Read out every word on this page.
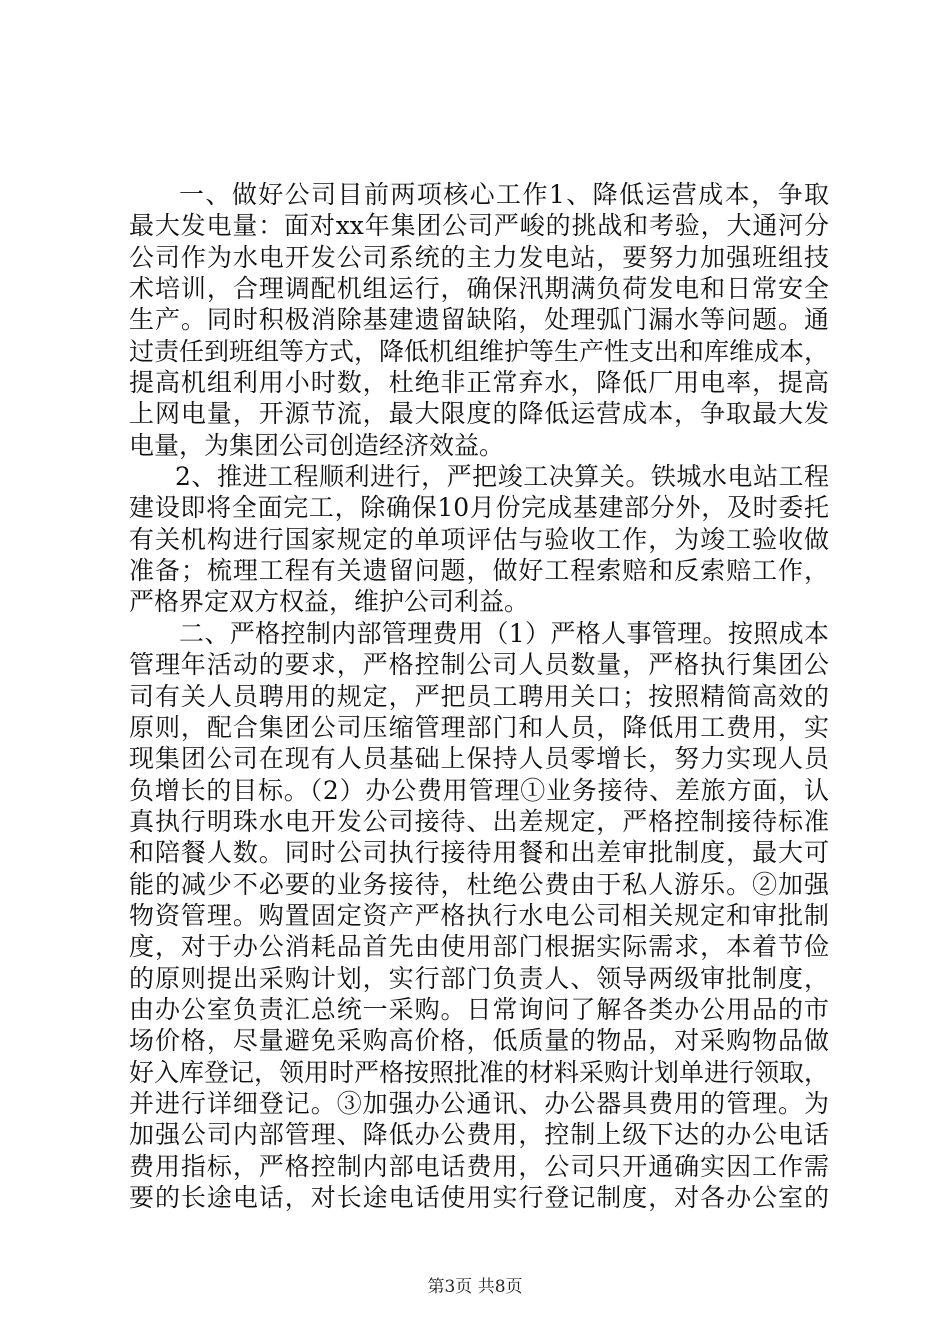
一、做好公司目前两项核心工作1、降低运营成本，争取
最大发电量：面对xx年集团公司严峻的挑战和考验，大通河分
公司作为水电开发公司系统的主力发电站，要努力加强班组技
术培训，合理调配机组运行，确保汛期满负荷发电和日常安全
生产。同时积极消除基建遗留缺陷，处理弧门漏水等问题。通
过责任到班组等方式，降低机组维护等生产性支出和库维成本，
提高机组利用小时数，杜绝非正常弃水，降低厂用电率，提高
上网电量，开源节流，最大限度的降低运营成本，争取最大发
电量，为集团公司创造经济效益。
2、推进工程顺利进行，严把竣工决算关。铁城水电站工程
建设即将全面完工，除确保10月份完成基建部分外，及时委托
有关机构进行国家规定的单项评估与验收工作，为竣工验收做
准备；梳理工程有关遗留问题，做好工程索赔和反索赔工作，
严格界定双方权益，维护公司利益。
二、严格控制内部管理费用（1）严格人事管理。按照成本
管理年活动的要求，严格控制公司人员数量，严格执行集团公
司有关人员聘用的规定，严把员工聘用关口；按照精简高效的
原则，配合集团公司压缩管理部门和人员，降低用工费用，实
现集团公司在现有人员基础上保持人员零增长，努力实现人员
负增长的目标。（2）办公费用管理①业务接待、差旅方面，认
真执行明珠水电开发公司接待、出差规定，严格控制接待标准
和陪餐人数。同时公司执行接待用餐和出差审批制度，最大可
能的减少不必要的业务接待，杜绝公费由于私人游乐。②加强
物资管理。购置固定资产严格执行水电公司相关规定和审批制
度，对于办公消耗品首先由使用部门根据实际需求，本着节俭
的原则提出采购计划，实行部门负责人、领导两级审批制度，
由办公室负责汇总统一采购。日常询问了解各类办公用品的市
场价格，尽量避免采购高价格，低质量的物品，对采购物品做
好入库登记，领用时严格按照批准的材料采购计划单进行领取，
并进行详细登记。③加强办公通讯、办公器具费用的管理。为
加强公司内部管理、降低办公费用，控制上级下达的办公电话
费用指标，严格控制内部电话费用，公司只开通确实因工作需
要的长途电话，对长途电话使用实行登记制度，对各办公室的
第3页 共8页
